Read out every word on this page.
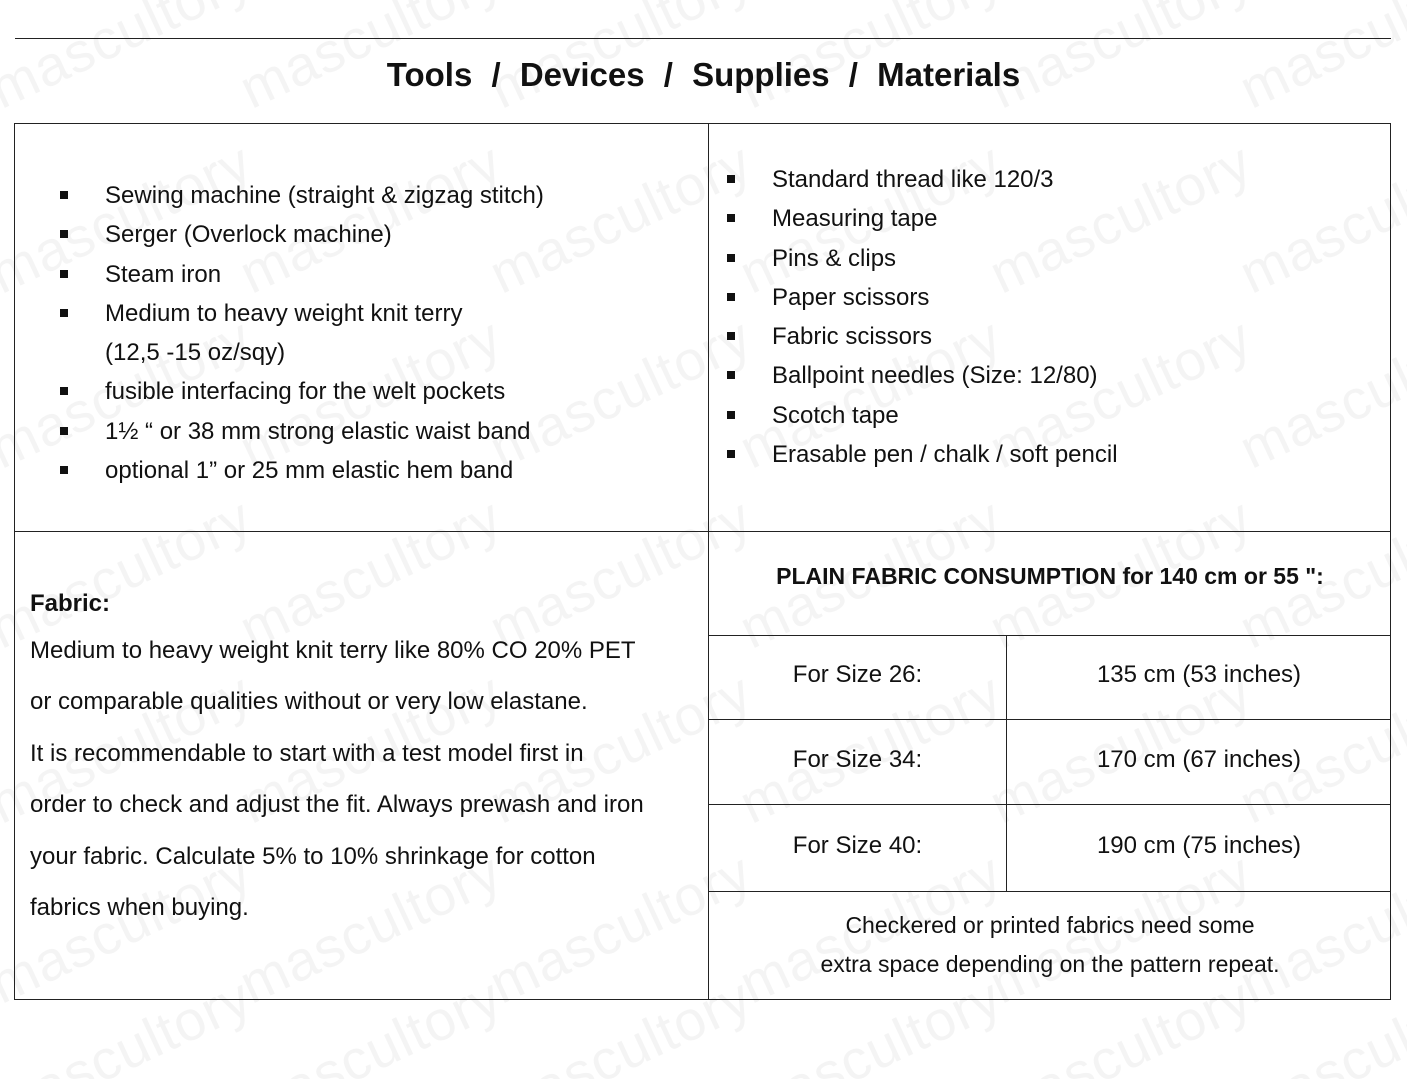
Tools / Devices / Supplies / Materials
Sewing machine (straight & zigzag stitch)
Serger (Overlock machine)
Steam iron
Medium to heavy weight knit terry
(12,5 -15 oz/sqy)
fusible interfacing for the welt pockets
1½ “ or 38 mm strong elastic waist band
optional 1” or 25 mm elastic hem band
Standard thread like 120/3
Measuring tape
Pins & clips
Paper scissors
Fabric scissors
Ballpoint needles (Size: 12/80)
Scotch tape
Erasable pen / chalk / soft pencil
Fabric:
Medium to heavy weight knit terry like 80% CO 20% PET
or comparable qualities without or very low elastane.
It is recommendable to start with a test model first in
order to check and adjust the fit. Always prewash and iron
your fabric. Calculate 5% to 10% shrinkage for cotton
fabrics when buying.
PLAIN FABRIC CONSUMPTION for 140 cm or 55 ":
For Size 26:	135 cm (53 inches)
For Size 34:	170 cm (67 inches)
For Size 40:	190 cm (75 inches)
Checkered or printed fabrics need some
extra space depending on the pattern repeat.
